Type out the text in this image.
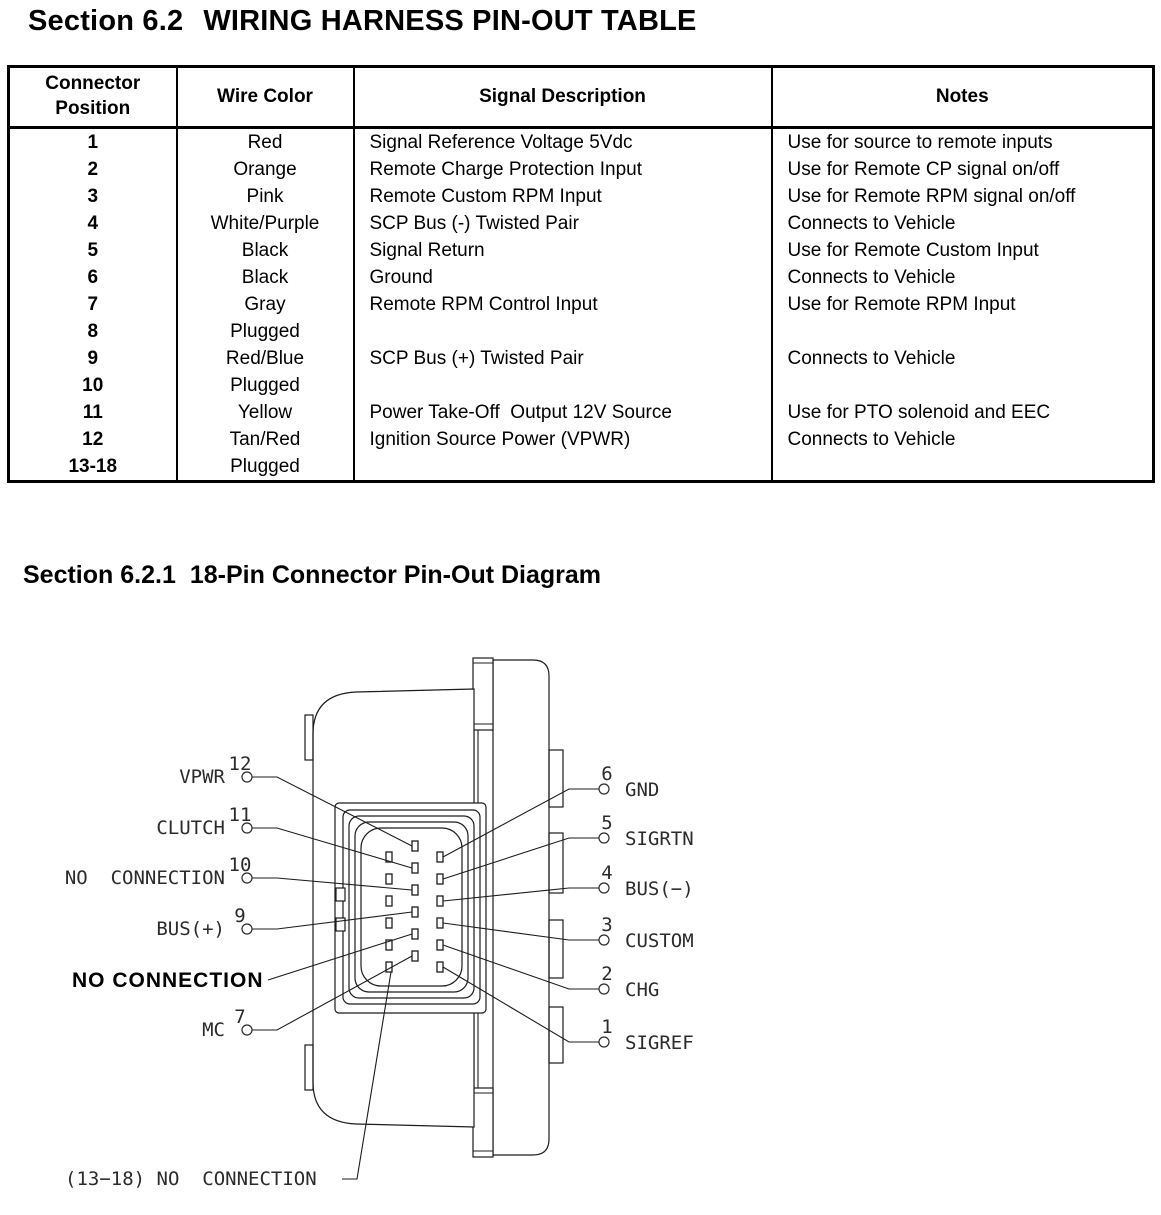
Section 6.2 WIRING HARNESS PIN-OUT TABLE
Connector Position	Wire Color	Signal Description	Notes
1	Red	Signal Reference Voltage 5Vdc	Use for source to remote inputs
2	Orange	Remote Charge Protection Input	Use for Remote CP signal on/off
3	Pink	Remote Custom RPM Input	Use for Remote RPM signal on/off
4	White/Purple	SCP Bus (-) Twisted Pair	Connects to Vehicle
5	Black	Signal Return	Use for Remote Custom Input
6	Black	Ground	Connects to Vehicle
7	Gray	Remote RPM Control Input	Use for Remote RPM Input
8	Plugged		
9	Red/Blue	SCP Bus (+) Twisted Pair	Connects to Vehicle
10	Plugged		
11	Yellow	Power Take-Off  Output 12V Source	Use for PTO solenoid and EEC
12	Tan/Red	Ignition Source Power (VPWR)	Connects to Vehicle
13-18	Plugged		
Section 6.2.1 18-Pin Connector Pin-Out Diagram
VPWR
12
CLUTCH
11
NO  CONNECTION
10
BUS(+)
9
NO CONNECTION
MC
7
GND
6
SIGRTN
5
BUS(−)
4
CUSTOM
3
CHG
2
SIGREF
1
(13−18) NO  CONNECTION
